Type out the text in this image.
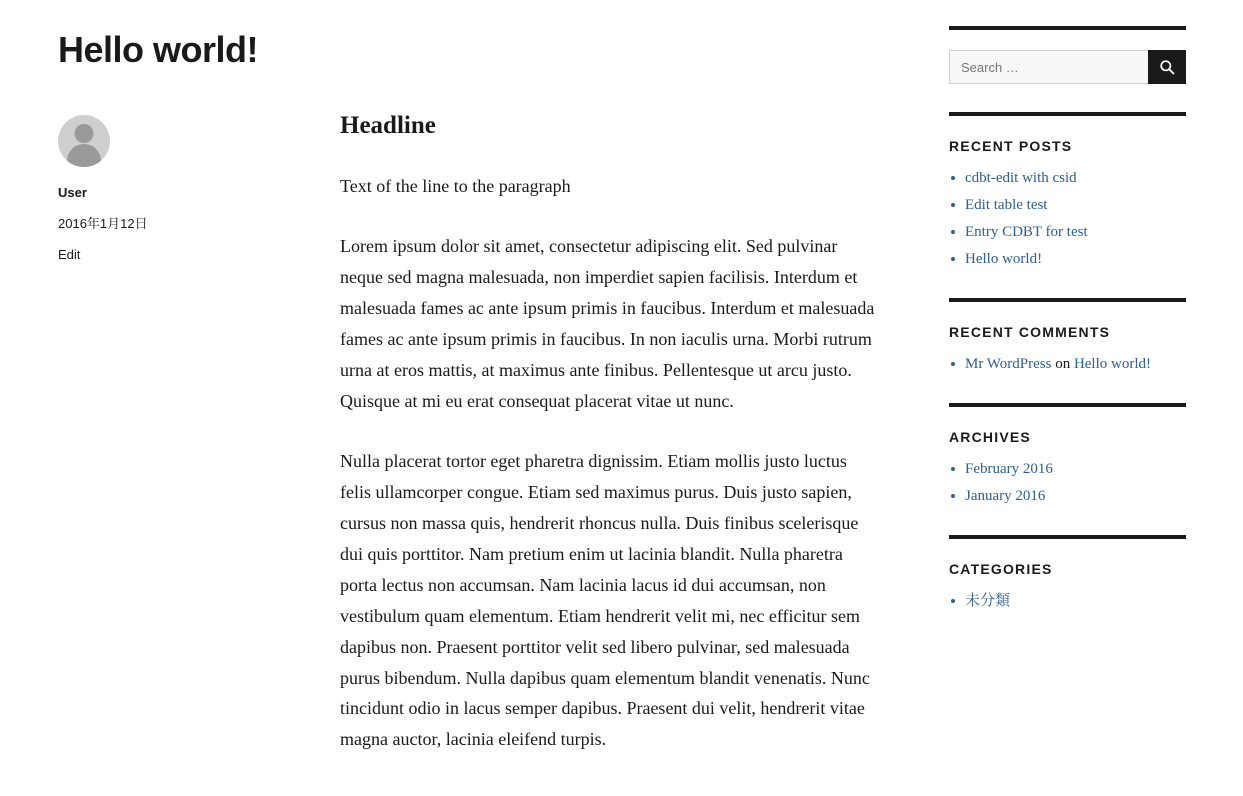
Hello world!
User
2016年1月12日
Edit
Headline

Text of the line to the paragraph

Lorem ipsum dolor sit amet, consectetur adipiscing elit. Sed pulvinar neque sed magna malesuada, non imperdiet sapien facilisis. Interdum et malesuada fames ac ante ipsum primis in faucibus. Interdum et malesuada fames ac ante ipsum primis in faucibus. In non iaculis urna. Morbi rutrum urna at eros mattis, at maximus ante finibus. Pellentesque ut arcu justo. Quisque at mi eu erat consequat placerat vitae ut nunc.

Nulla placerat tortor eget pharetra dignissim. Etiam mollis justo luctus felis ullamcorper congue. Etiam sed maximus purus. Duis justo sapien, cursus non massa quis, hendrerit rhoncus nulla. Duis finibus scelerisque dui quis porttitor. Nam pretium enim ut lacinia blandit. Nulla pharetra porta lectus non accumsan. Nam lacinia lacus id dui accumsan, non vestibulum quam elementum. Etiam hendrerit velit mi, nec efficitur sem dapibus non. Praesent porttitor velit sed libero pulvinar, sed malesuada purus bibendum. Nulla dapibus quam elementum blandit venenatis. Nunc tincidunt odio in lacus semper dapibus. Praesent dui velit, hendrerit vitae magna auctor, lacinia eleifend turpis.

Search …
RECENT POSTS
cdbt-edit with csid
Edit table test
Entry CDBT for test
Hello world!
RECENT COMMENTS
Mr WordPress on Hello world!
ARCHIVES
February 2016
January 2016
CATEGORIES
未分類
